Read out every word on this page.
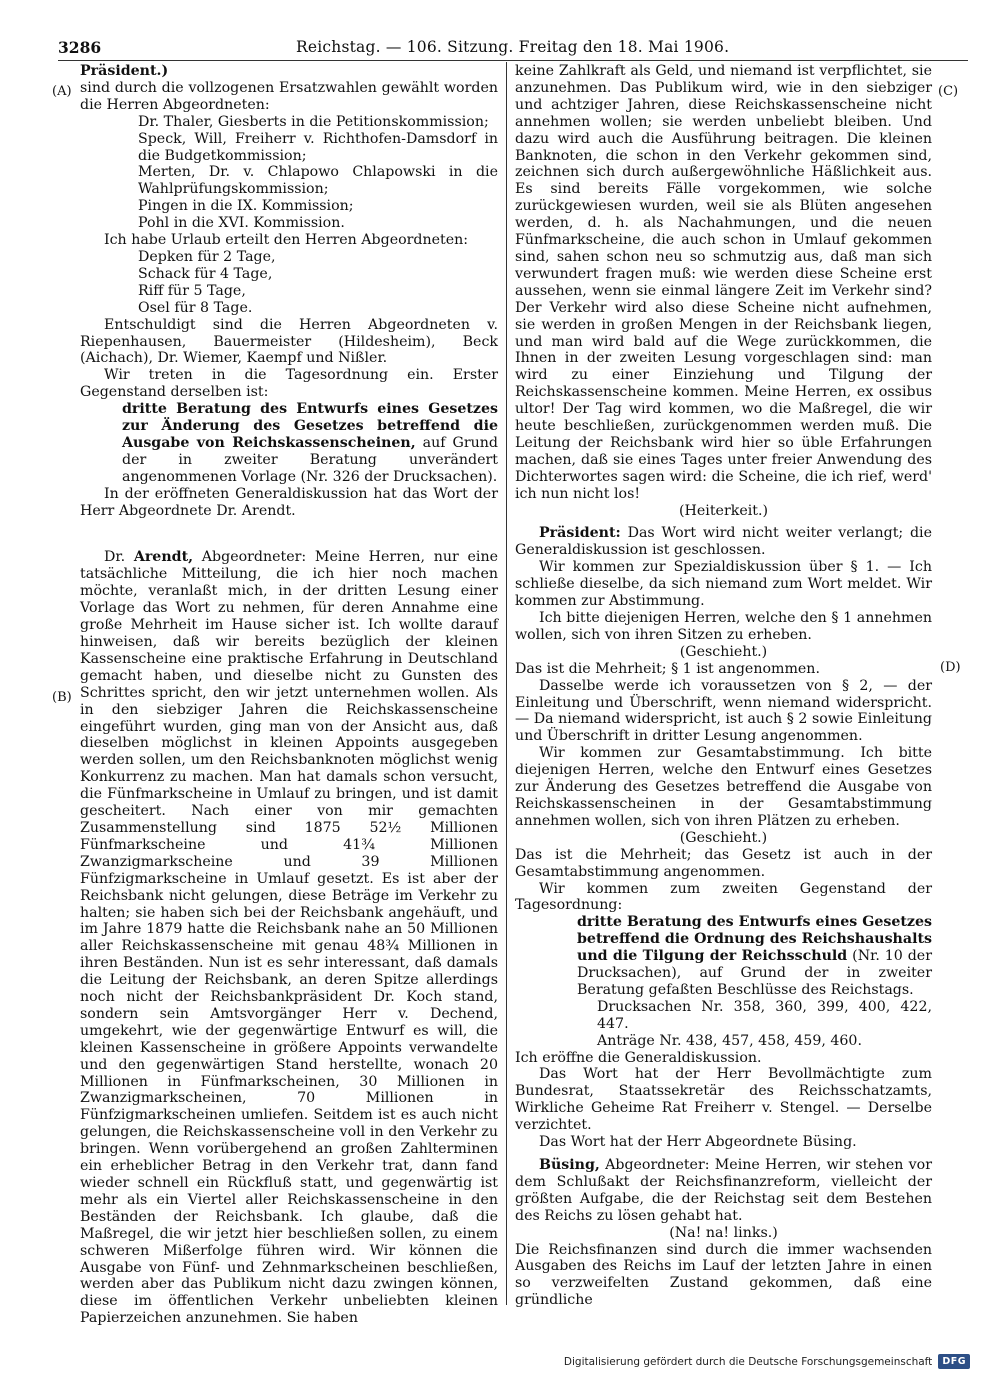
3286	Reichstag. — 106. Sitzung. Freitag den 18. Mai 1906.
(A)
(B)
(C)
(D)

Präsident.)

sind durch die vollzogenen Ersatzwahlen gewählt worden die Herren Abgeordneten:

Dr. Thaler, Giesberts in die Petitionskommission;
Speck, Will, Freiherr v. Richthofen-Damsdorf in die Budgetkommission;
Merten, Dr. v. Chlapowo Chlapowski in die Wahlprüfungskommission;
Pingen in die IX. Kommission;
Pohl in die XVI. Kommission.

Ich habe Urlaub erteilt den Herren Abgeordneten:

Depken für 2 Tage,
Schack für 4 Tage,
Riff für 5 Tage,
Osel für 8 Tage.

Entschuldigt sind die Herren Abgeordneten v. Riepenhausen, Bauermeister (Hildesheim), Beck (Aichach), Dr. Wiemer, Kaempf und Nißler.

Wir treten in die Tagesordnung ein. Erster Gegenstand derselben ist:

dritte Beratung des Entwurfs eines Gesetzes zur Änderung des Gesetzes betreffend die Ausgabe von Reichskassenscheinen, auf Grund der in zweiter Beratung unverändert angenommenen Vorlage (Nr. 326 der Drucksachen).

In der eröffneten Generaldiskussion hat das Wort der Herr Abgeordnete Dr. Arendt.

Dr. Arendt, Abgeordneter: Meine Herren, nur eine tatsächliche Mitteilung, die ich hier noch machen möchte, veranlaßt mich, in der dritten Lesung einer Vorlage das Wort zu nehmen, für deren Annahme eine große Mehrheit im Hause sicher ist. Ich wollte darauf hinweisen, daß wir bereits bezüglich der kleinen Kassenscheine eine praktische Erfahrung in Deutschland gemacht haben, und dieselbe nicht zu Gunsten des Schrittes spricht, den wir jetzt unternehmen wollen. Als in den siebziger Jahren die Reichskassenscheine eingeführt wurden, ging man von der Ansicht aus, daß dieselben möglichst in kleinen Appoints ausgegeben werden sollen, um den Reichsbanknoten möglichst wenig Konkurrenz zu machen. Man hat damals schon versucht, die Fünfmarkscheine in Umlauf zu bringen, und ist damit gescheitert. Nach einer von mir gemachten Zusammenstellung sind 1875 52½ Millionen Fünfmarkscheine und 41¾ Millionen Zwanzigmarkscheine und 39 Millionen Fünfzigmarkscheine in Umlauf gesetzt. Es ist aber der Reichsbank nicht gelungen, diese Beträge im Verkehr zu halten; sie haben sich bei der Reichsbank angehäuft, und im Jahre 1879 hatte die Reichsbank nahe an 50 Millionen aller Reichskassenscheine mit genau 48¾ Millionen in ihren Beständen. Nun ist es sehr interessant, daß damals die Leitung der Reichsbank, an deren Spitze allerdings noch nicht der Reichsbankpräsident Dr. Koch stand, sondern sein Amtsvorgänger Herr v. Dechend, umgekehrt, wie der gegenwärtige Entwurf es will, die kleinen Kassenscheine in größere Appoints verwandelte und den gegenwärtigen Stand herstellte, wonach 20 Millionen in Fünfmarkscheinen, 30 Millionen in Zwanzigmarkscheinen, 70 Millionen in Fünfzigmarkscheinen umliefen. Seitdem ist es auch nicht gelungen, die Reichskassenscheine voll in den Verkehr zu bringen. Wenn vorübergehend an großen Zahlterminen ein erheblicher Betrag in den Verkehr trat, dann fand wieder schnell ein Rückfluß statt, und gegenwärtig ist mehr als ein Viertel aller Reichskassenscheine in den Beständen der Reichsbank. Ich glaube, daß die Maßregel, die wir jetzt hier beschließen sollen, zu einem schweren Mißerfolge führen wird. Wir können die Ausgabe von Fünf- und Zehnmarkscheinen beschließen, werden aber das Publikum nicht dazu zwingen können, diese im öffentlichen Verkehr unbeliebten kleinen Papierzeichen anzunehmen. Sie haben

keine Zahlkraft als Geld, und niemand ist verpflichtet, sie anzunehmen. Das Publikum wird, wie in den siebziger und achtziger Jahren, diese Reichskassenscheine nicht annehmen wollen; sie werden unbeliebt bleiben. Und dazu wird auch die Ausführung beitragen. Die kleinen Banknoten, die schon in den Verkehr gekommen sind, zeichnen sich durch außergewöhnliche Häßlichkeit aus. Es sind bereits Fälle vorgekommen, wie solche zurückgewiesen wurden, weil sie als Blüten angesehen werden, d. h. als Nachahmungen, und die neuen Fünfmarkscheine, die auch schon in Umlauf gekommen sind, sahen schon neu so schmutzig aus, daß man sich verwundert fragen muß: wie werden diese Scheine erst aussehen, wenn sie einmal längere Zeit im Verkehr sind? Der Verkehr wird also diese Scheine nicht aufnehmen, sie werden in großen Mengen in der Reichsbank liegen, und man wird bald auf die Wege zurückkommen, die Ihnen in der zweiten Lesung vorgeschlagen sind: man wird zu einer Einziehung und Tilgung der Reichskassenscheine kommen. Meine Herren, ex ossibus ultor! Der Tag wird kommen, wo die Maßregel, die wir heute beschließen, zurückgenommen werden muß. Die Leitung der Reichsbank wird hier so üble Erfahrungen machen, daß sie eines Tages unter freier Anwendung des Dichterwortes sagen wird: die Scheine, die ich rief, werd' ich nun nicht los!

(Heiterkeit.)

Präsident: Das Wort wird nicht weiter verlangt; die Generaldiskussion ist geschlossen.

Wir kommen zur Spezialdiskussion über § 1. — Ich schließe dieselbe, da sich niemand zum Wort meldet. Wir kommen zur Abstimmung.

Ich bitte diejenigen Herren, welche den § 1 annehmen wollen, sich von ihren Sitzen zu erheben.

(Geschieht.)

Das ist die Mehrheit; § 1 ist angenommen.

Dasselbe werde ich voraussetzen von § 2, — der Einleitung und Überschrift, wenn niemand widerspricht. — Da niemand widerspricht, ist auch § 2 sowie Einleitung und Überschrift in dritter Lesung angenommen.

Wir kommen zur Gesamtabstimmung. Ich bitte diejenigen Herren, welche den Entwurf eines Gesetzes zur Änderung des Gesetzes betreffend die Ausgabe von Reichskassenscheinen in der Gesamtabstimmung annehmen wollen, sich von ihren Plätzen zu erheben.

(Geschieht.)

Das ist die Mehrheit; das Gesetz ist auch in der Gesamtabstimmung angenommen.

Wir kommen zum zweiten Gegenstand der Tagesordnung:

dritte Beratung des Entwurfs eines Gesetzes betreffend die Ordnung des Reichshaushalts und die Tilgung der Reichsschuld (Nr. 10 der Drucksachen), auf Grund der in zweiter Beratung gefaßten Beschlüsse des Reichstags.

Drucksachen Nr. 358, 360, 399, 400, 422, 447.

Anträge Nr. 438, 457, 458, 459, 460.

Ich eröffne die Generaldiskussion.

Das Wort hat der Herr Bevollmächtigte zum Bundesrat, Staatssekretär des Reichsschatzamts, Wirkliche Geheime Rat Freiherr v. Stengel. — Derselbe verzichtet.

Das Wort hat der Herr Abgeordnete Büsing.

Büsing, Abgeordneter: Meine Herren, wir stehen vor dem Schlußakt der Reichsfinanzreform, vielleicht der größten Aufgabe, die der Reichstag seit dem Bestehen des Reichs zu lösen gehabt hat.

(Na! na! links.)

Die Reichsfinanzen sind durch die immer wachsenden Ausgaben des Reichs im Lauf der letzten Jahre in einen so verzweifelten Zustand gekommen, daß eine gründliche

Digitalisierung gefördert durch die Deutsche Forschungsgemeinschaft	DFG
